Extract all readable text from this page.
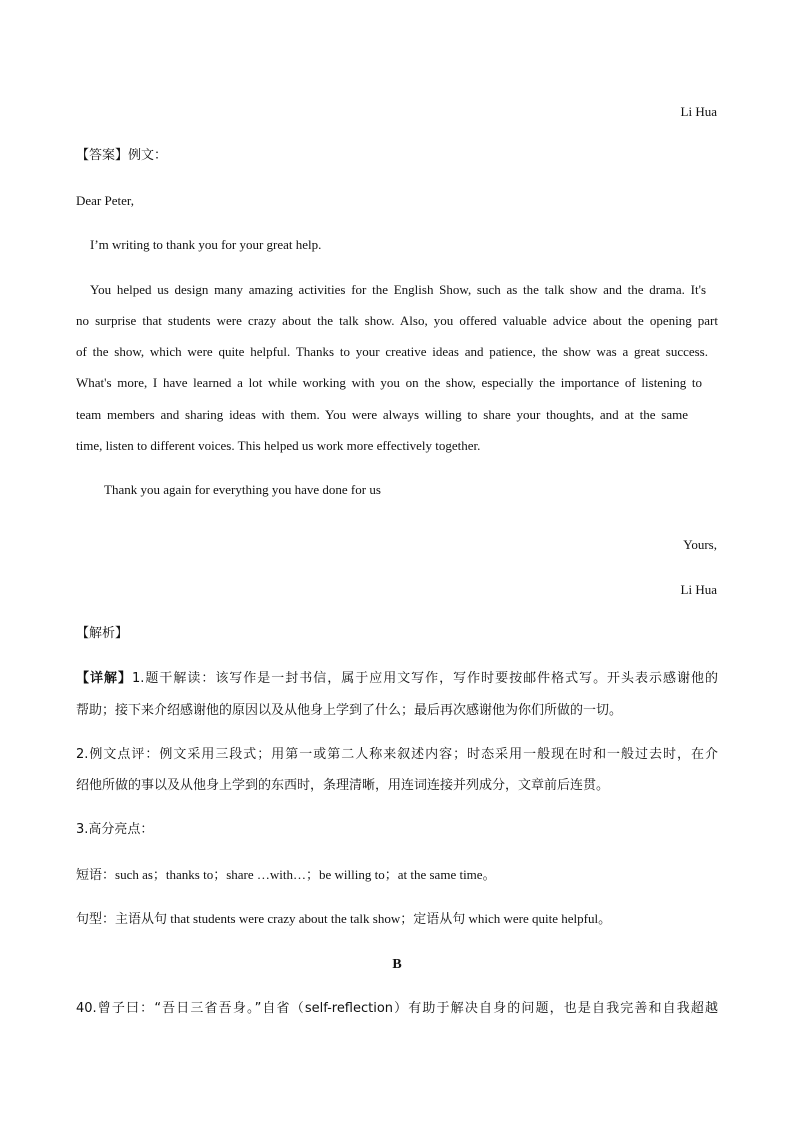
Li Hua
【答案】例文：
Dear Peter,
I’m writing to thank you for your great help.
You helped us design many amazing activities for the English Show, such as the talk show and the drama. It's
no surprise that students were crazy about the talk show. Also, you offered valuable advice about the opening part
of the show, which were quite helpful. Thanks to your creative ideas and patience, the show was a great success.
What's more, I have learned a lot while working with you on the show, especially the importance of listening to
team members and sharing ideas with them. You were always willing to share your thoughts, and at the same
time, listen to different voices. This helped us work more effectively together.
Thank you again for everything you have done for us
Yours,
Li Hua
【解析】
【详解】1.题干解读：该写作是一封书信，属于应用文写作，写作时要按邮件格式写。开头表示感谢他的
帮助；接下来介绍感谢他的原因以及从他身上学到了什么；最后再次感谢他为你们所做的一切。
2.例文点评：例文采用三段式；用第一或第二人称来叙述内容；时态采用一般现在时和一般过去时，在介
绍他所做的事以及从他身上学到的东西时，条理清晰，用连词连接并列成分，文章前后连贯。
3.高分亮点：
短语：such as；thanks to；share …with…；be willing to；at the same time。
句型：主语从句 that students were crazy about the talk show；定语从句 which were quite helpful。
B
40.曾子曰：“吾日三省吾身。”自省（self-reflection）有助于解决自身的问题，也是自我完善和自我超越
